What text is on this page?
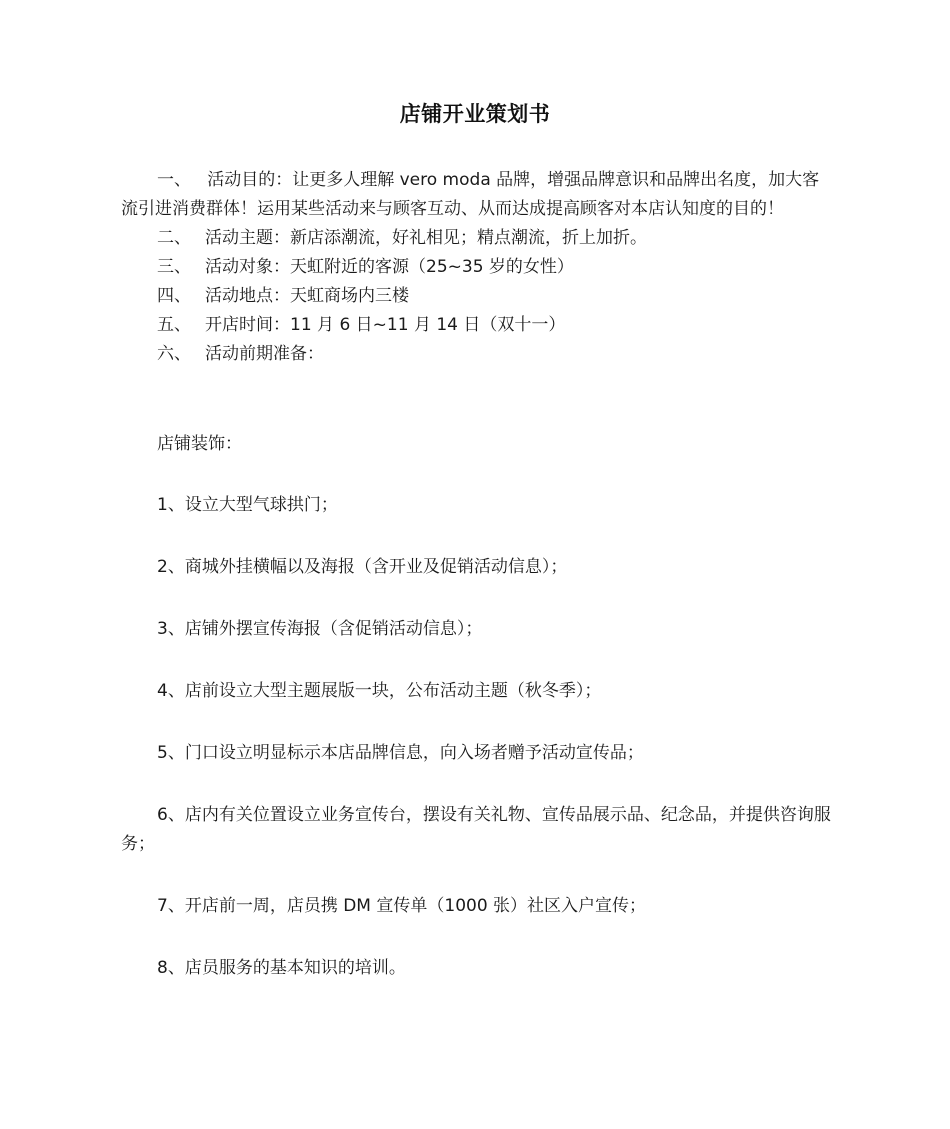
店铺开业策划书

一、 活动目的：让更多人理解 vero moda 品牌，增强品牌意识和品牌出名度，加大客流引进消费群体！运用某些活动来与顾客互动、从而达成提高顾客对本店认知度的目的！

二、 活动主题：新店添潮流，好礼相见；精点潮流，折上加折。
三、 活动对象：天虹附近的客源（25~35 岁的女性）
四、 活动地点：天虹商场内三楼
五、 开店时间：11 月 6 日~11 月 14 日（双十一）
六、 活动前期准备：

店铺装饰：

1、设立大型气球拱门；

2、商城外挂横幅以及海报（含开业及促销活动信息）；

3、店铺外摆宣传海报（含促销活动信息）；

4、店前设立大型主题展版一块，公布活动主题（秋冬季）；

5、门口设立明显标示本店品牌信息，向入场者赠予活动宣传品；

6、店内有关位置设立业务宣传台，摆设有关礼物、宣传品展示品、纪念品，并提供咨询服务；

7、开店前一周，店员携 DM 宣传单（1000 张）社区入户宣传；

8、店员服务的基本知识的培训。
